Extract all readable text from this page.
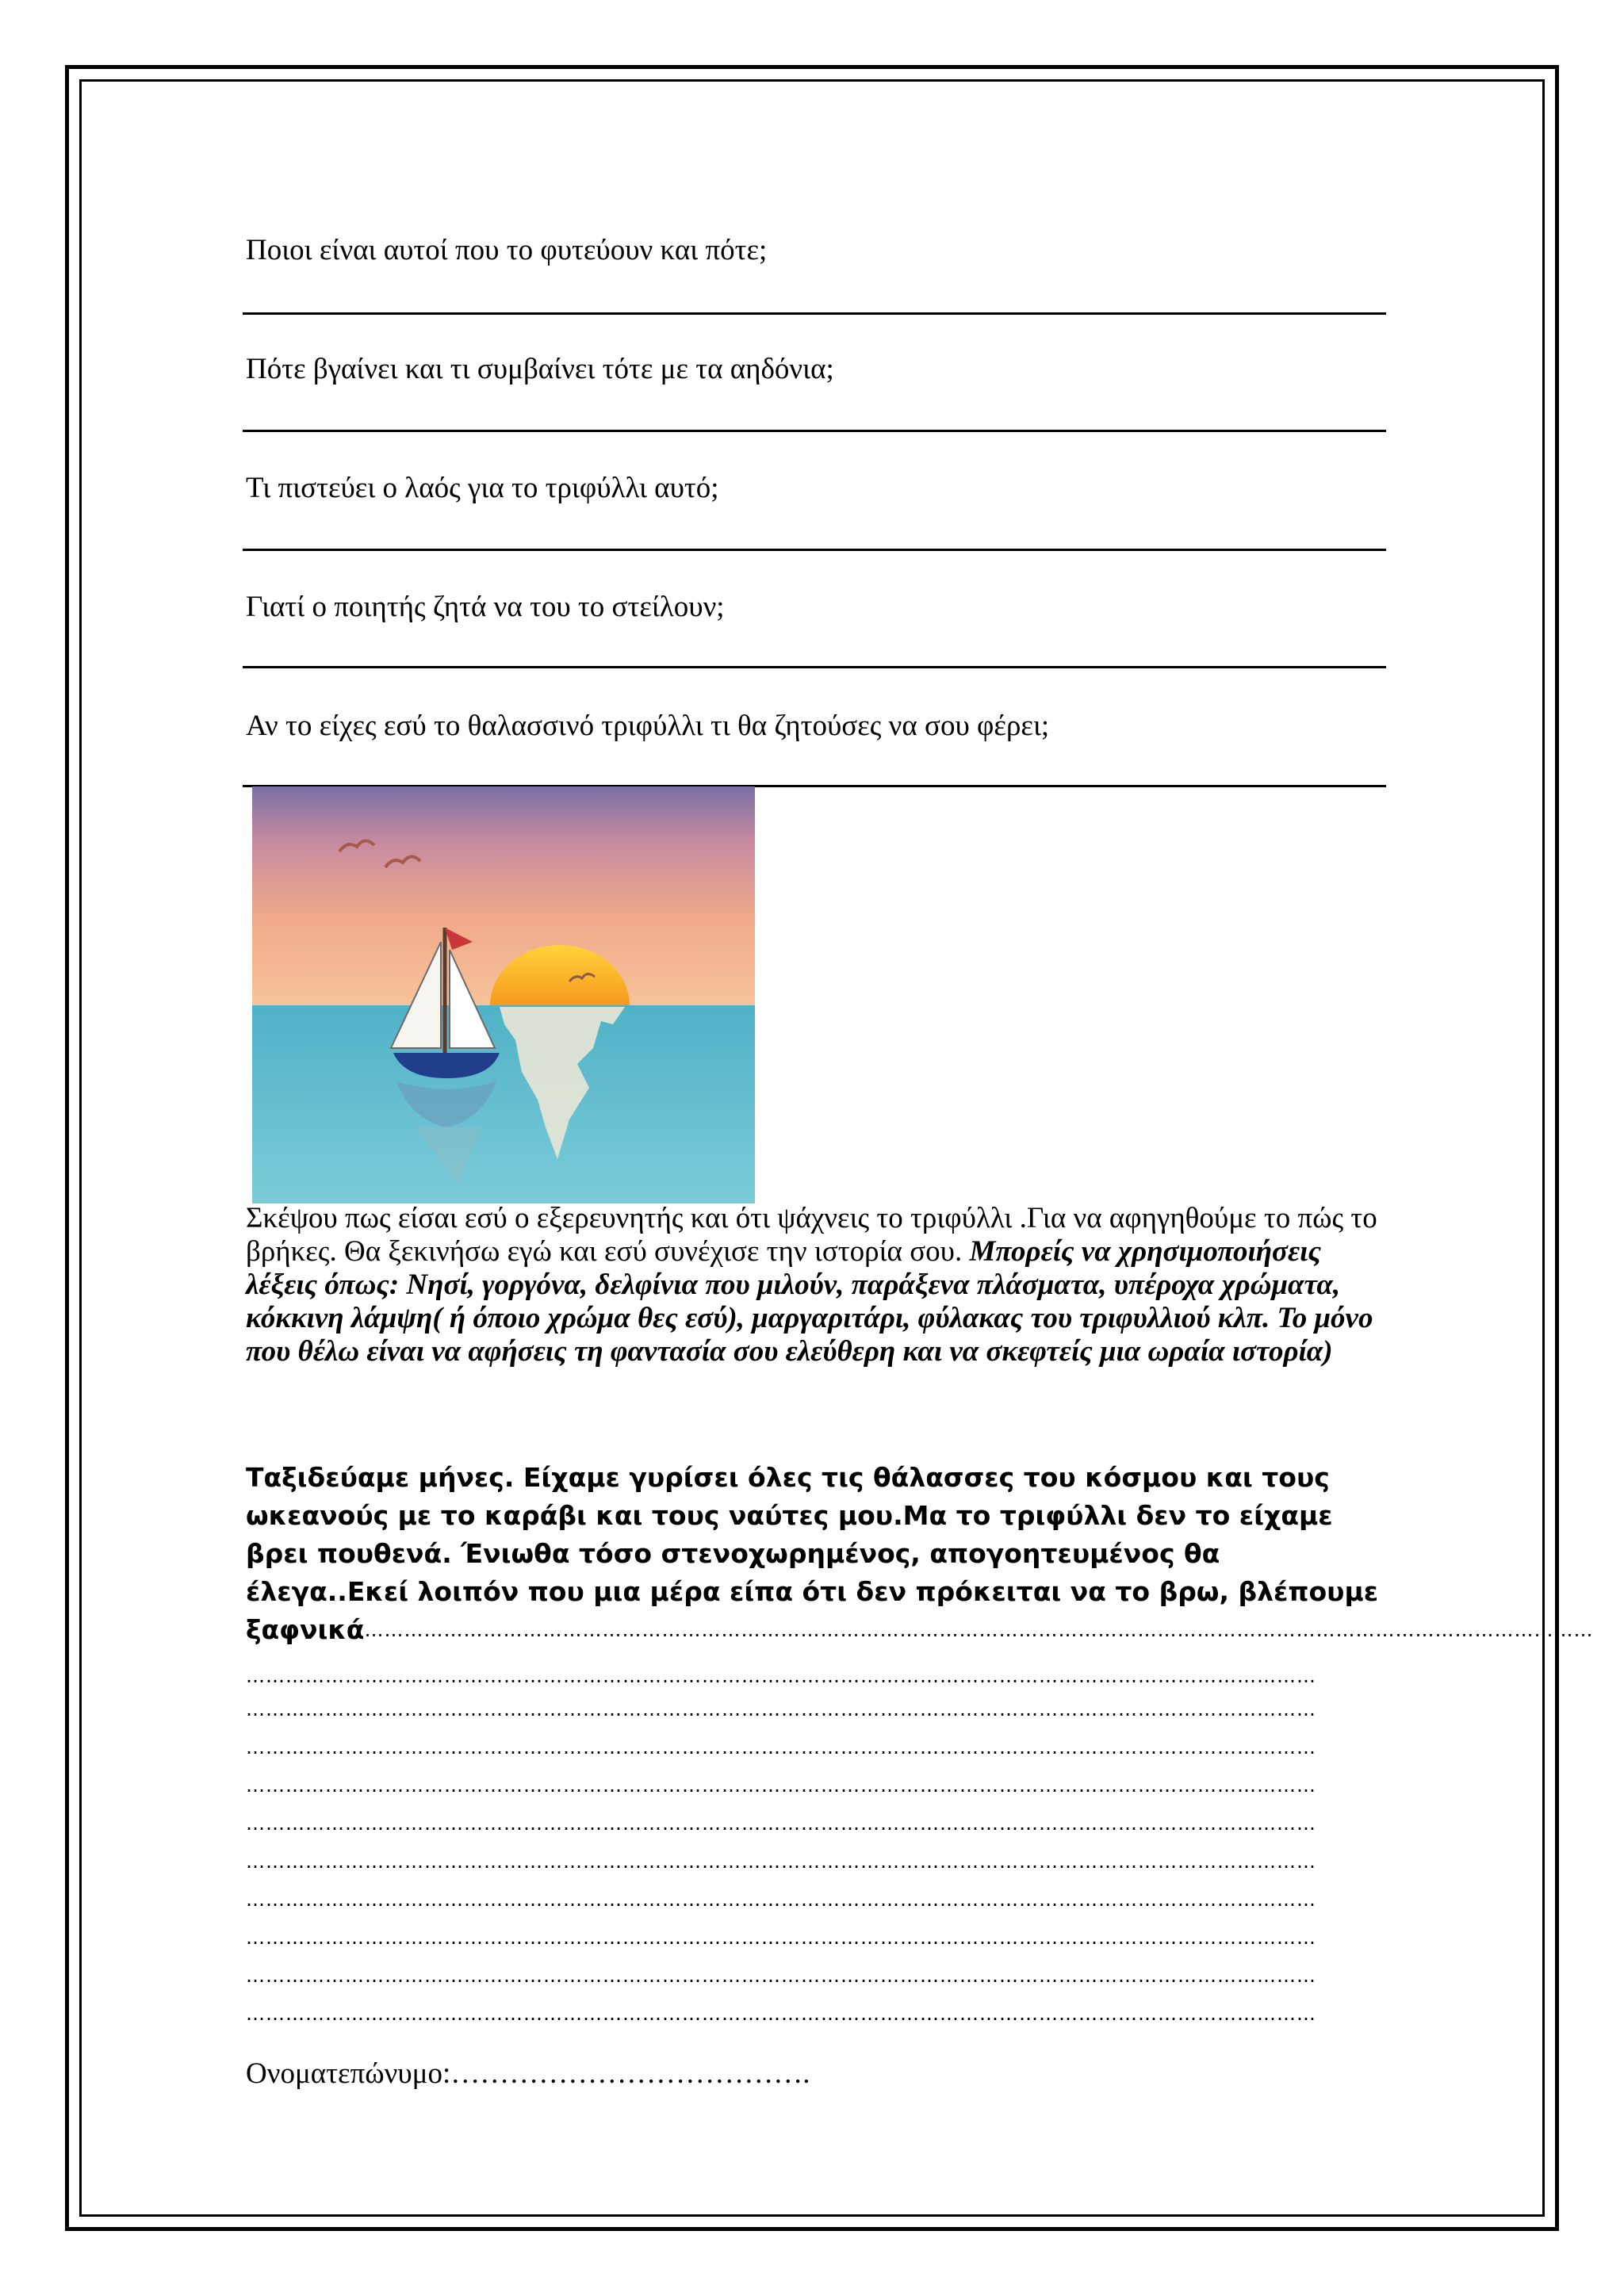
Ποιοι είναι αυτοί που το φυτεύουν και πότε;
Πότε βγαίνει και τι συμβαίνει τότε με τα αηδόνια;
Τι πιστεύει ο λαός για το τριφύλλι αυτό;
Γιατί ο ποιητής ζητά να του το στείλουν;
Αν το είχες εσύ το θαλασσινό τριφύλλι τι θα ζητούσες να σου φέρει;
Σκέψου πως είσαι εσύ ο εξερευνητής και ότι ψάχνεις το τριφύλλι .Για να αφηγηθούμε το πώς το βρήκες. Θα ξεκινήσω εγώ και εσύ συνέχισε την ιστορία σου. Μπορείς να χρησιμοποιήσεις λέξεις όπως: Νησί, γοργόνα, δελφίνια που μιλούν, παράξενα πλάσματα, υπέροχα χρώματα, κόκκινη λάμψη( ή όποιο χρώμα θες εσύ), μαργαριτάρι, φύλακας του τριφυλλιού κλπ. Το μόνο που θέλω είναι να αφήσεις τη φαντασία σου ελεύθερη και να σκεφτείς μια ωραία ιστορία)
Ταξιδεύαμε μήνες. Είχαμε γυρίσει όλες τις θάλασσες του κόσμου και τους ωκεανούς με το καράβι και τους ναύτες μου.Μα το τριφύλλι δεν το είχαμε βρει πουθενά. Ένιωθα τόσο στενοχωρημένος, απογοητευμένος θα έλεγα..Εκεί λοιπόν που μια μέρα είπα ότι δεν πρόκειται να το βρω, βλέπουμε
ξαφνικά ……………………………………………………………………………………………………………………………………………………………………
………………………………………………………………………………………………………………………………………………
………………………………………………………………………………………………………………………………………………
………………………………………………………………………………………………………………………………………………
………………………………………………………………………………………………………………………………………………
………………………………………………………………………………………………………………………………………………
………………………………………………………………………………………………………………………………………………
………………………………………………………………………………………………………………………………………………
………………………………………………………………………………………………………………………………………………
………………………………………………………………………………………………………………………………………………
………………………………………………………………………………………………………………………………………………
Ονοματεπώνυμο:……………………………….
